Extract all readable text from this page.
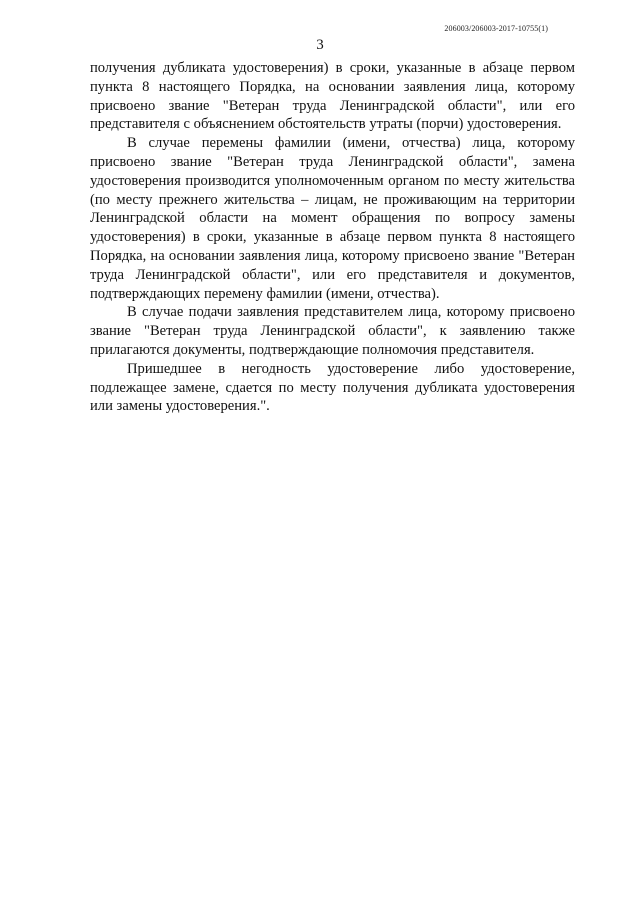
206003/206003-2017-10755(1)
3

получения дубликата удостоверения) в сроки, указанные в абзаце первом пункта 8 настоящего Порядка, на основании заявления лица, которому присвоено звание "Ветеран труда Ленинградской области", или его представителя с объяснением обстоятельств утраты (порчи) удостоверения.

В случае перемены фамилии (имени, отчества) лица, которому присвоено звание "Ветеран труда Ленинградской области", замена удостоверения производится уполномоченным органом по месту жительства (по месту прежнего жительства – лицам, не проживающим на территории Ленинградской области на момент обращения по вопросу замены удостоверения) в сроки, указанные в абзаце первом пункта 8 настоящего Порядка, на основании заявления лица, которому присвоено звание "Ветеран труда Ленинградской области", или его представителя и документов, подтверждающих перемену фамилии (имени, отчества).

В случае подачи заявления представителем лица, которому присвоено звание "Ветеран труда Ленинградской области", к заявлению также прилагаются документы, подтверждающие полномочия представителя.

Пришедшее в негодность удостоверение либо удостоверение, подлежащее замене, сдается по месту получения дубликата удостоверения или замены удостоверения.".
